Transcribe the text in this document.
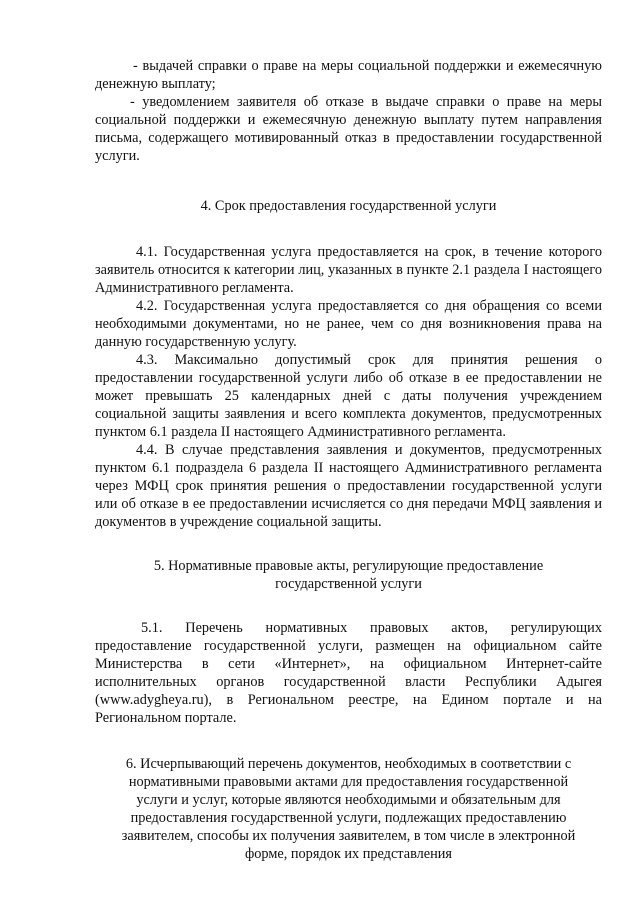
- выдачей справки о праве на меры социальной поддержки и ежемесячную денежную выплату;

- уведомлением заявителя об отказе в выдаче справки о праве на меры социальной поддержки и ежемесячную денежную выплату путем направления письма, содержащего мотивированный отказ в предоставлении государственной услуги.

4. Срок предоставления государственной услуги

4.1. Государственная услуга предоставляется на срок, в течение которого заявитель относится к категории лиц, указанных в пункте 2.1 раздела I настоящего Административного регламента.

4.2. Государственная услуга предоставляется со дня обращения со всеми необходимыми документами, но не ранее, чем со дня возникновения права на данную государственную услугу.

4.3. Максимально допустимый срок для принятия решения о предоставлении государственной услуги либо об отказе в ее предоставлении не может превышать 25 календарных дней с даты получения учреждением социальной защиты заявления и всего комплекта документов, предусмотренных пунктом 6.1 раздела II настоящего Административного регламента.

4.4. В случае представления заявления и документов, предусмотренных пунктом 6.1 подраздела 6 раздела II настоящего Административного регламента через МФЦ срок принятия решения о предоставлении государственной услуги или об отказе в ее предоставлении исчисляется со дня передачи МФЦ заявления и документов в учреждение социальной защиты.

5. Нормативные правовые акты, регулирующие предоставление
государственной услуги

5.1. Перечень нормативных правовых актов, регулирующих предоставление государственной услуги, размещен на официальном сайте Министерства в сети «Интернет», на официальном Интернет-сайте исполнительных органов государственной власти Республики Адыгея (www.adygheya.ru), в Региональном реестре, на Едином портале и на Региональном портале.

6. Исчерпывающий перечень документов, необходимых в соответствии с
нормативными правовыми актами для предоставления государственной
услуги и услуг, которые являются необходимыми и обязательным для
предоставления государственной услуги, подлежащих предоставлению
заявителем, способы их получения заявителем, в том числе в электронной
форме, порядок их представления
